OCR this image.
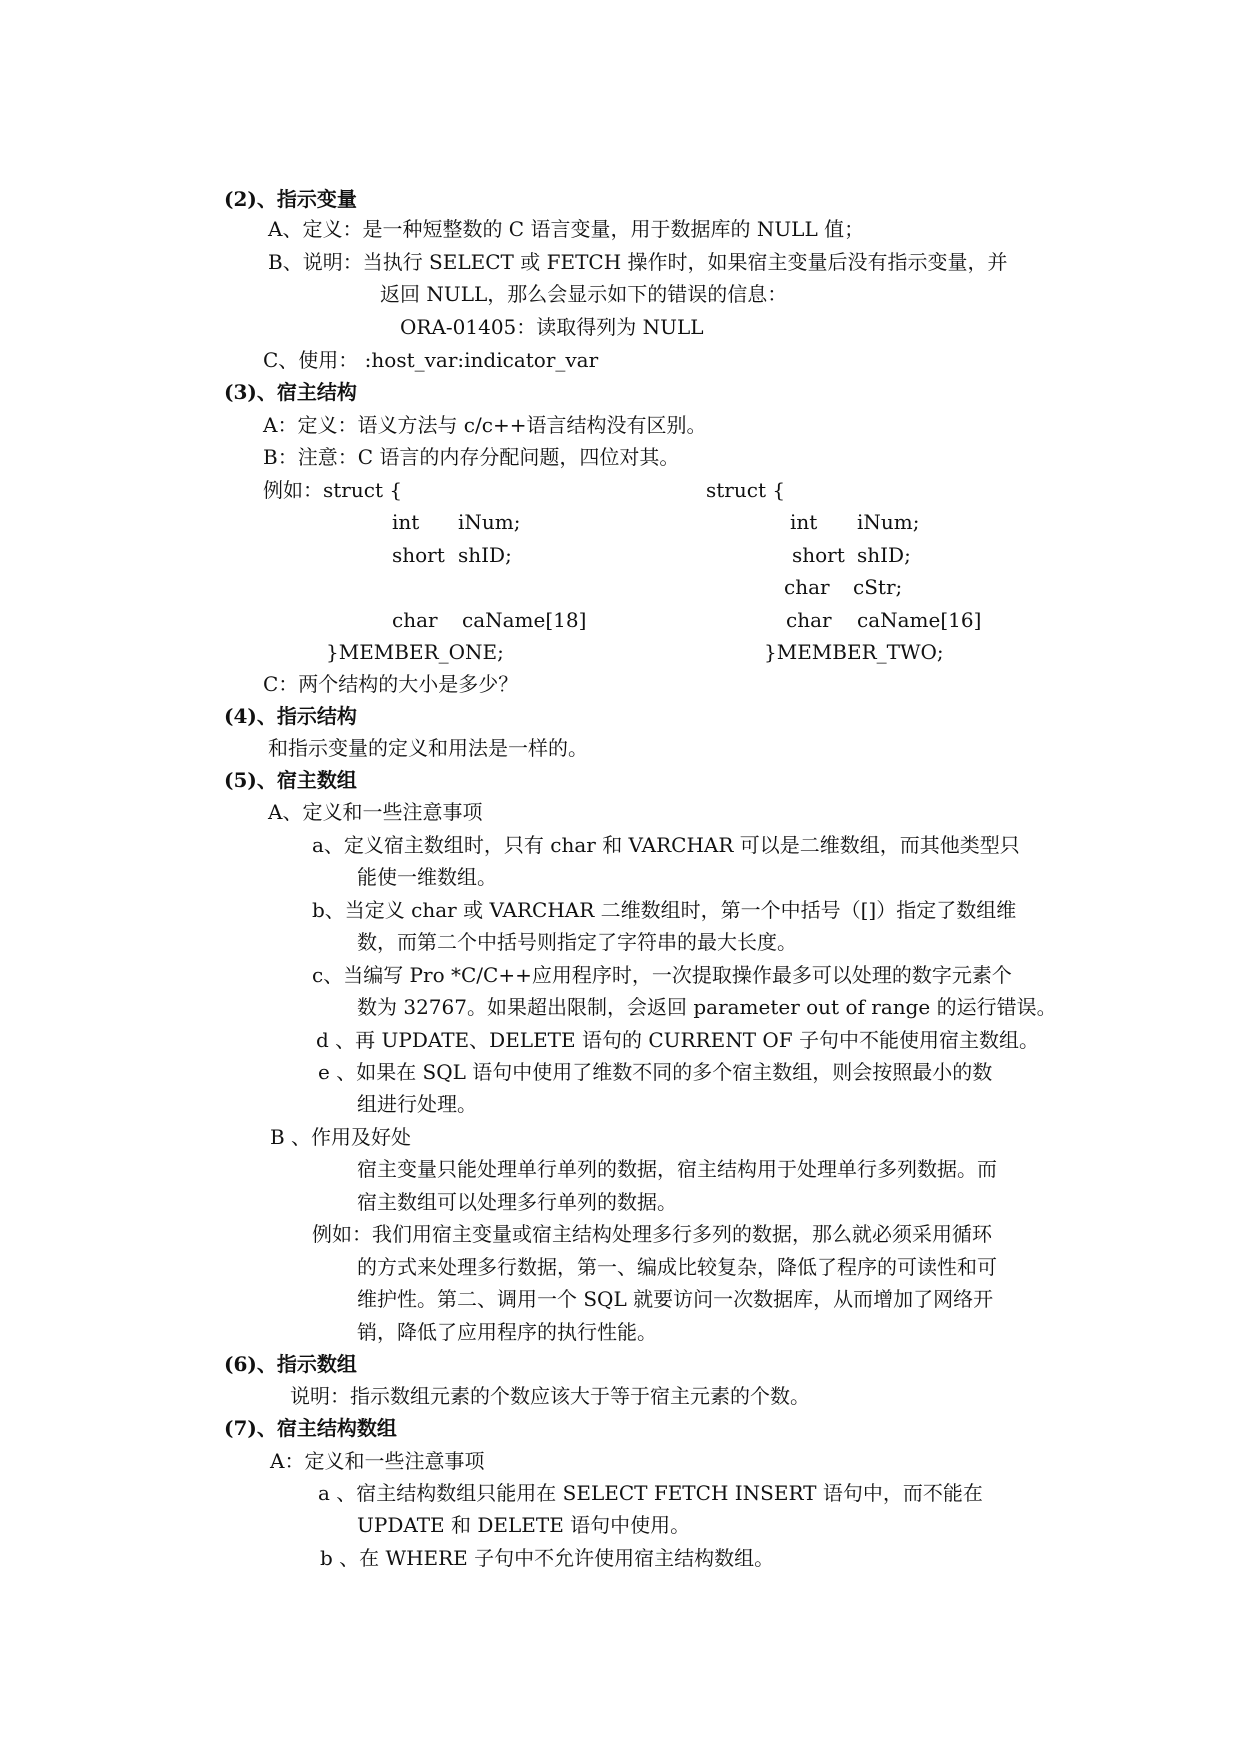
(2)、指示变量
A、定义：是一种短整数的 C 语言变量，用于数据库的 NULL 值；
B、说明：当执行 SELECT 或 FETCH 操作时，如果宿主变量后没有指示变量，并
返回 NULL，那么会显示如下的错误的信息：
ORA-01405：读取得列为 NULL
C、使用： :host_var:indicator_var
(3)、宿主结构
A：定义：语义方法与 c/c++语言结构没有区别。
B：注意：C 语言的内存分配问题，四位对其。
例如：struct {
int iNum;
short shID;
char caName[18]
}MEMBER_ONE;
struct {
int iNum;
short shID;
char cStr;
char caName[16]
}MEMBER_TWO;
C：两个结构的大小是多少？
(4)、指示结构
和指示变量的定义和用法是一样的。
(5)、宿主数组
A、定义和一些注意事项
a、定义宿主数组时，只有 char 和 VARCHAR 可以是二维数组，而其他类型只
能使一维数组。
b、当定义 char 或 VARCHAR 二维数组时，第一个中括号（[]）指定了数组维
数，而第二个中括号则指定了字符串的最大长度。
c、当编写 Pro *C/C++应用程序时，一次提取操作最多可以处理的数字元素个
数为 32767。如果超出限制，会返回 parameter out of range 的运行错误。
d 、再 UPDATE、DELETE 语句的 CURRENT OF 子句中不能使用宿主数组。
e 、如果在 SQL 语句中使用了维数不同的多个宿主数组，则会按照最小的数
组进行处理。
B 、作用及好处
宿主变量只能处理单行单列的数据，宿主结构用于处理单行多列数据。而
宿主数组可以处理多行单列的数据。
例如：我们用宿主变量或宿主结构处理多行多列的数据，那么就必须采用循环
的方式来处理多行数据，第一、编成比较复杂，降低了程序的可读性和可
维护性。第二、调用一个 SQL 就要访问一次数据库，从而增加了网络开
销，降低了应用程序的执行性能。
(6)、指示数组
说明：指示数组元素的个数应该大于等于宿主元素的个数。
(7)、宿主结构数组
A：定义和一些注意事项
a 、宿主结构数组只能用在 SELECT FETCH INSERT 语句中，而不能在
UPDATE 和 DELETE 语句中使用。
b 、在 WHERE 子句中不允许使用宿主结构数组。
